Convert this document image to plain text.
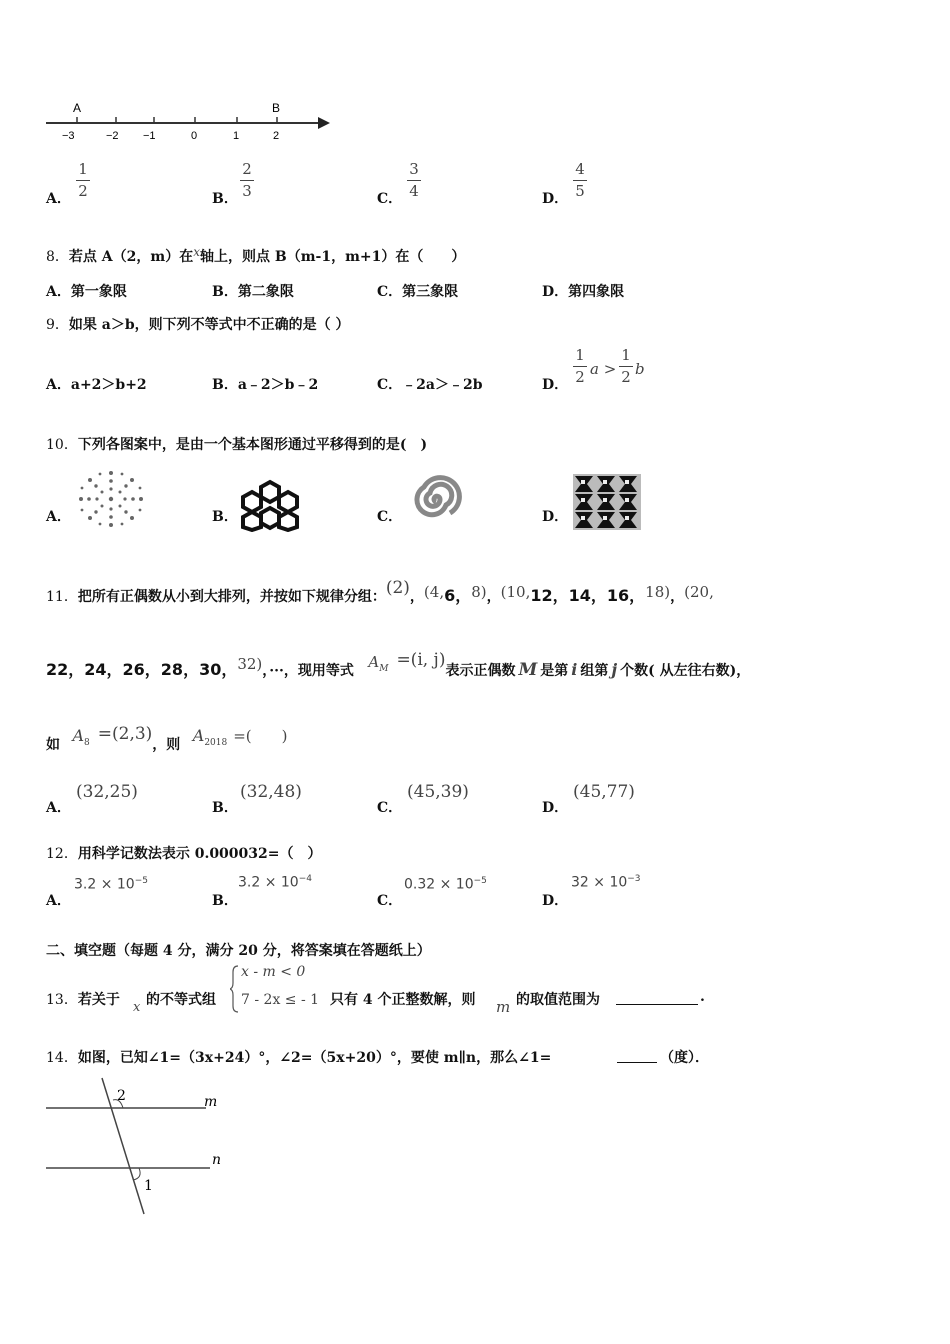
A	B
−3	−2 −1	0	1	2
A．
1
2	B．
2
3	C．
3
4	D．
4
5
8．若点 A（2，m）在x轴上，则点 B（m-1，m+1）在（　　）
A．第一象限	B．第二象限	C．第三象限	D．第四象限
9．如果 a＞b，则下列不等式中不正确的是（ ）
A．a+2＞b+2	B．a﹣2＞b﹣2	C．﹣2a＞﹣2b	D．
1
2 a >
1
2 b
10．下列各图案中，是由一个基本图形通过平移得到的是(　)
A．	B．	C．	D．
11．把所有正偶数从小到大排列，并按如下规律分组：(2)，(4,6，8)，(10,12，14，16，18)，(20,
22，24，26，28，30，32)，···，现用等式 $A^M =(i$, j)表示正偶数 M 是第 i 组第 j 个数( 从左往右数)，
如 $A^8 =(2,3)$，则 $A^{2018}$ =(　　)
A．
(32,25)
B．
(32,48)
C．
(45,39)
D．
(45,77)
12．用科学记数法表示 0.000032=（　）
A．
$3.2 \times 10^{-5}$
B．
$3.2 \times 10^{-4}$
C．
$0.32 \times 10^{-5}$
D．
$32 \times 10^{-3}$
二、填空题（每题 4 分，满分 20 分，将答案填在答题纸上）
13．若关于 x 的不等式组
x - m < 0
7 - 2x ≤ - 1 只有 4 个正整数解，则 m 的取值范围为	.
14．如图，已知∠1=（3x+24）°，∠2=（5x+20）°，要使 m∥n，那么∠1=	（度）．
2
1
m
n
